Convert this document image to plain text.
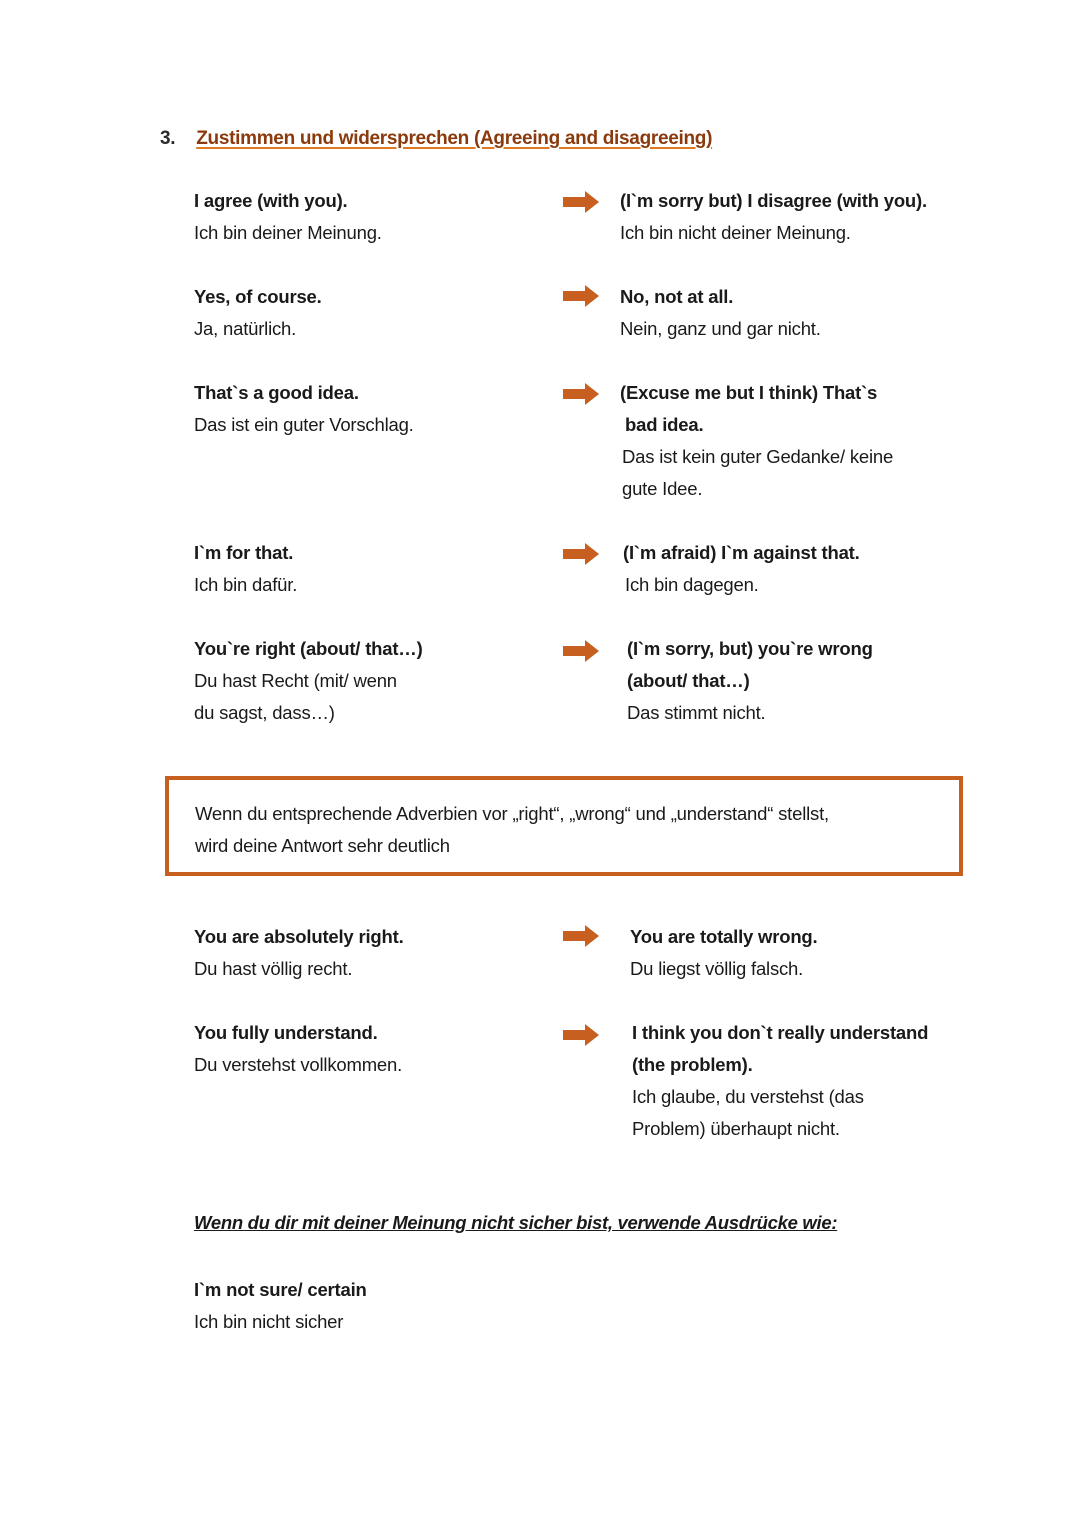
3. Zustimmen und widersprechen (Agreeing and disagreeing)
I agree (with you).
Ich bin deiner Meinung.
(I`m sorry but) I disagree (with you).
Ich bin nicht deiner Meinung.
Yes, of course.
Ja, natürlich.
No, not at all.
Nein, ganz und gar nicht.
That`s a good idea.
Das ist ein guter Vorschlag.
(Excuse me but I think) That`s
bad idea.
Das ist kein guter Gedanke/ keine
gute Idee.
I`m for that.
Ich bin dafür.
(I`m afraid) I`m against that.
Ich bin dagegen.
You`re right (about/ that…)
Du hast Recht (mit/ wenn
du sagst, dass…)
(I`m sorry, but) you`re wrong
(about/ that…)
Das stimmt nicht.

Wenn du entsprechende Adverbien vor „right“, „wrong“ und „understand“ stellst,
wird deine Antwort sehr deutlich

You are absolutely right.
Du hast völlig recht.
You are totally wrong.
Du liegst völlig falsch.
You fully understand.
Du verstehst vollkommen.
I think you don`t really understand
(the problem).
Ich glaube, du verstehst (das
Problem) überhaupt nicht.
Wenn du dir mit deiner Meinung nicht sicher bist, verwende Ausdrücke wie:
I`m not sure/ certain
Ich bin nicht sicher
